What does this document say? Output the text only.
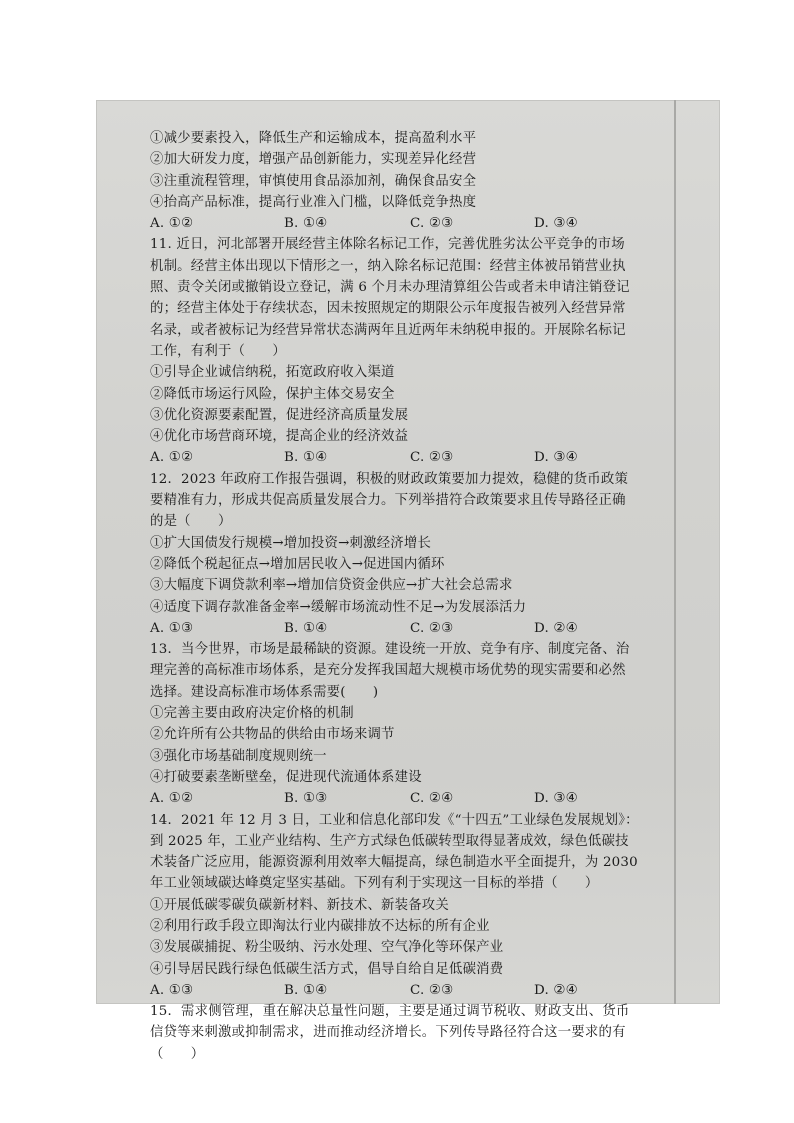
①减少要素投入，降低生产和运输成本，提高盈利水平
②加大研发力度，增强产品创新能力，实现差异化经营
③注重流程管理，审慎使用食品添加剂，确保食品安全
④抬高产品标准，提高行业准入门槛，以降低竞争热度
A. ①②	B. ①④	C. ②③	D. ③④
11. 近日，河北部署开展经营主体除名标记工作，完善优胜劣汰公平竞争的市场
机制。经营主体出现以下情形之一，纳入除名标记范围：经营主体被吊销营业执
照、责令关闭或撤销设立登记，满 6 个月未办理清算组公告或者未申请注销登记
的；经营主体处于存续状态，因未按照规定的期限公示年度报告被列入经营异常
名录，或者被标记为经营异常状态满两年且近两年未纳税申报的。开展除名标记
工作，有利于（　　）
①引导企业诚信纳税，拓宽政府收入渠道
②降低市场运行风险，保护主体交易安全
③优化资源要素配置，促进经济高质量发展
④优化市场营商环境，提高企业的经济效益
A. ①②	B. ①④	C. ②③	D. ③④
12．2023 年政府工作报告强调，积极的财政政策要加力提效，稳健的货币政策
要精准有力，形成共促高质量发展合力。下列举措符合政策要求且传导路径正确
的是（　　）
①扩大国债发行规模→增加投资→刺激经济增长
②降低个税起征点→增加居民收入→促进国内循环
③大幅度下调贷款利率→增加信贷资金供应→扩大社会总需求
④适度下调存款准备金率→缓解市场流动性不足→为发展添活力
A. ①③	B. ①④	C. ②③	D. ②④
13．当今世界，市场是最稀缺的资源。建设统一开放、竞争有序、制度完备、治
理完善的高标准市场体系，是充分发挥我国超大规模市场优势的现实需要和必然
选择。建设高标准市场体系需要(　　)
①完善主要由政府决定价格的机制
②允许所有公共物品的供给由市场来调节
③强化市场基础制度规则统一
④打破要素垄断壁垒，促进现代流通体系建设
A. ①②	B. ①③	C. ②④	D. ③④
14．2021 年 12 月 3 日，工业和信息化部印发《“十四五”工业绿色发展规划》：
到 2025 年，工业产业结构、生产方式绿色低碳转型取得显著成效，绿色低碳技
术装备广泛应用，能源资源利用效率大幅提高，绿色制造水平全面提升，为 2030
年工业领域碳达峰奠定坚实基础。下列有利于实现这一目标的举措（　　）
①开展低碳零碳负碳新材料、新技术、新装备攻关
②利用行政手段立即淘汰行业内碳排放不达标的所有企业
③发展碳捕捉、粉尘吸纳、污水处理、空气净化等环保产业
④引导居民践行绿色低碳生活方式，倡导自给自足低碳消费
A. ①③	B. ①④	C. ②③	D. ②④
15．需求侧管理，重在解决总量性问题，主要是通过调节税收、财政支出、货币
信贷等来刺激或抑制需求，进而推动经济增长。下列传导路径符合这一要求的有
（　　）
